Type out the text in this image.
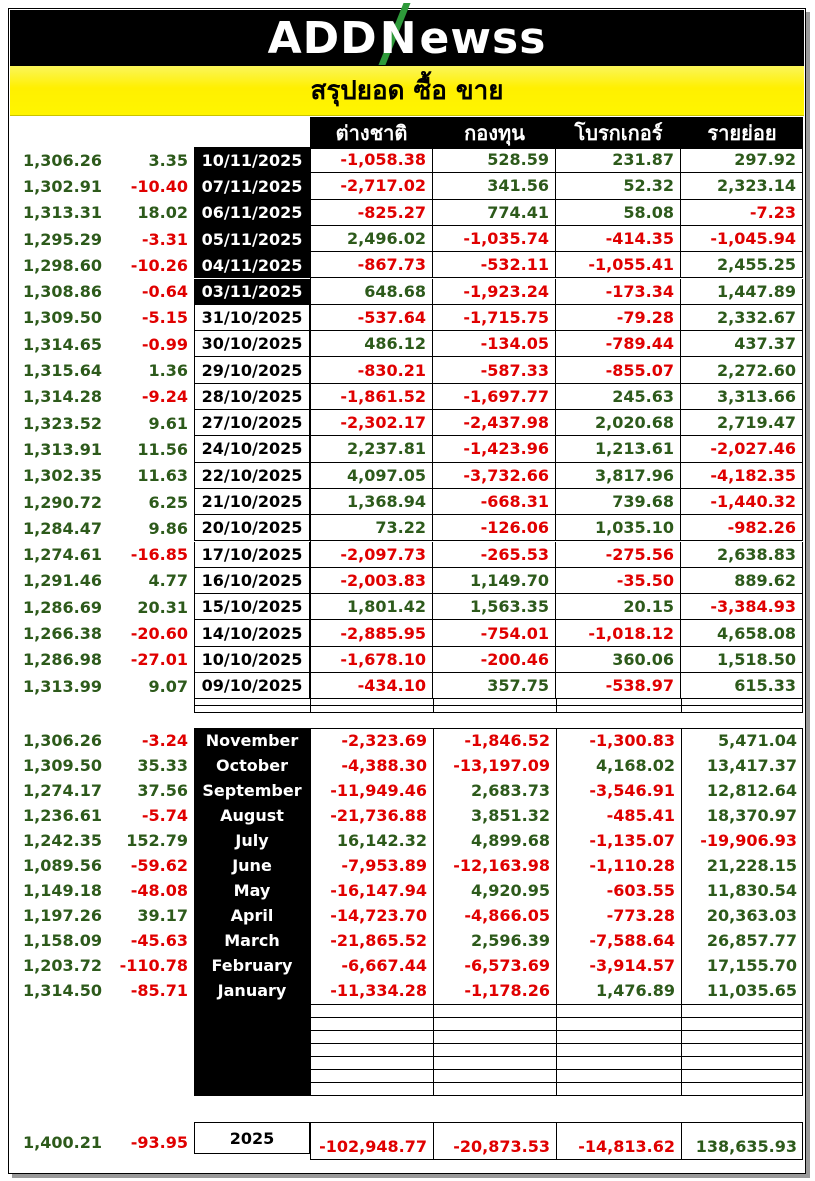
ADD N ewss
สรุปยอด ซื้อ ขาย
ต่างชาติ	กองทุน	โบรกเกอร์	รายย่อย
1,306.26	3.35 10/11/2025	-1,058.38	528.59	231.87	297.92
1,302.91	-10.40 07/11/2025	-2,717.02	341.56	52.32	2,323.14
1,313.31	18.02 06/11/2025	-825.27	774.41	58.08	-7.23
1,295.29	-3.31 05/11/2025	2,496.02	-1,035.74	-414.35	-1,045.94
1,298.60	-10.26 04/11/2025	-867.73	-532.11	-1,055.41	2,455.25
1,308.86	-0.64 03/11/2025	648.68	-1,923.24	-173.34	1,447.89
1,309.50	-5.15 31/10/2025	-537.64	-1,715.75	-79.28	2,332.67
1,314.65	-0.99 30/10/2025	486.12	-134.05	-789.44	437.37
1,315.64	1.36 29/10/2025	-830.21	-587.33	-855.07	2,272.60
1,314.28	-9.24 28/10/2025	-1,861.52	-1,697.77	245.63	3,313.66
1,323.52	9.61 27/10/2025	-2,302.17	-2,437.98	2,020.68	2,719.47
1,313.91	11.56 24/10/2025	2,237.81	-1,423.96	1,213.61	-2,027.46
1,302.35	11.63 22/10/2025	4,097.05	-3,732.66	3,817.96	-4,182.35
1,290.72	6.25 21/10/2025	1,368.94	-668.31	739.68	-1,440.32
1,284.47	9.86 20/10/2025	73.22	-126.06	1,035.10	-982.26
1,274.61	-16.85 17/10/2025	-2,097.73	-265.53	-275.56	2,638.83
1,291.46	4.77 16/10/2025	-2,003.83	1,149.70	-35.50	889.62
1,286.69	20.31 15/10/2025	1,801.42	1,563.35	20.15	-3,384.93
1,266.38	-20.60 14/10/2025	-2,885.95	-754.01	-1,018.12	4,658.08
1,286.98	-27.01 10/10/2025	-1,678.10	-200.46	360.06	1,518.50
1,313.99	9.07 09/10/2025	-434.10	357.75	-538.97	615.33
1,306.26	-3.24	November	-2,323.69	-1,846.52	-1,300.83	5,471.04
1,309.50	35.33	October	-4,388.30	-13,197.09	4,168.02	13,417.37
1,274.17	37.56 September	-11,949.46	2,683.73	-3,546.91	12,812.64
1,236.61	-5.74	August	-21,736.88	3,851.32	-485.41	18,370.97
1,242.35	152.79	July	16,142.32	4,899.68	-1,135.07	-19,906.93
1,089.56	-59.62	June	-7,953.89	-12,163.98	-1,110.28	21,228.15
1,149.18	-48.08	May	-16,147.94	4,920.95	-603.55	11,830.54
1,197.26	39.17	April	-14,723.70	-4,866.05	-773.28	20,363.03
1,158.09	-45.63	March	-21,865.52	2,596.39	-7,588.64	26,857.77
1,203.72	-110.78	February	-6,667.44	-6,573.69	-3,914.57	17,155.70
1,314.50	-85.71	January	-11,334.28	-1,178.26	1,476.89	11,035.65
1,400.21	-93.95	2025	-102,948.77	-20,873.53	-14,813.62	138,635.93
